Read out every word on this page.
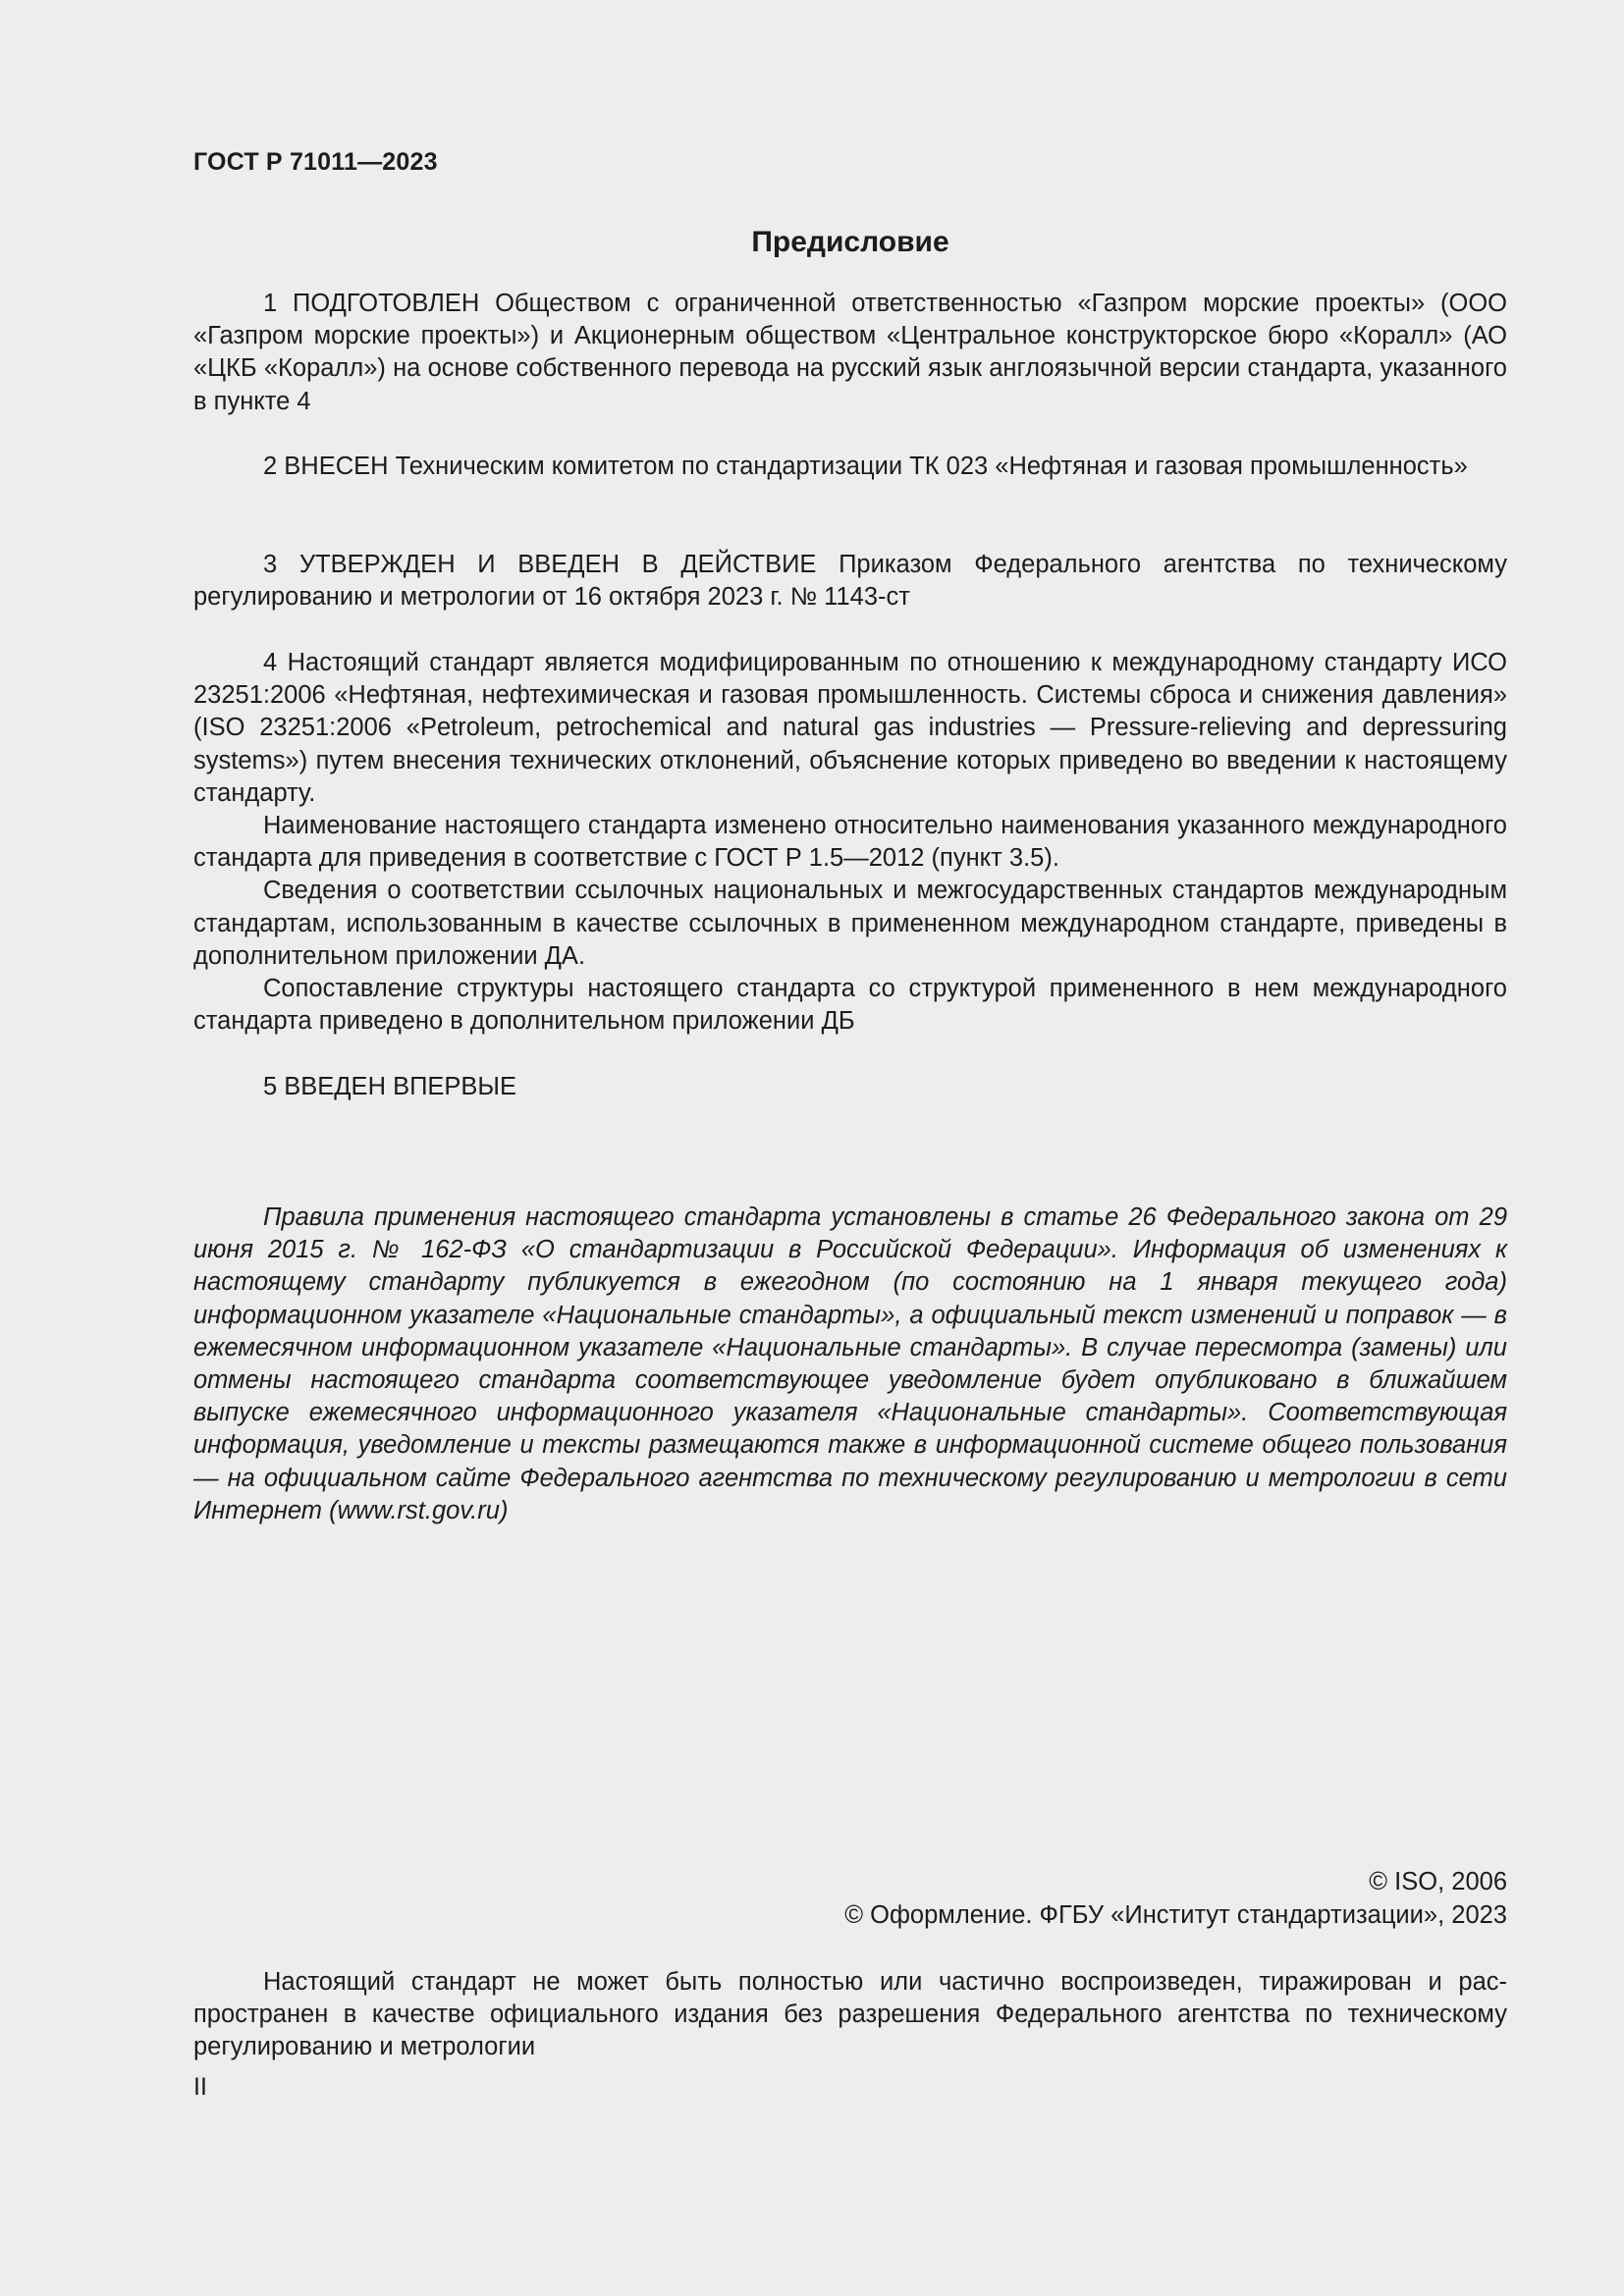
ГОСТ Р 71011—2023
Предисловие

1 ПОДГОТОВЛЕН Обществом с ограниченной ответственностью «Газпром морские проекты» (ООО «Газпром морские проекты») и Акционерным обществом «Центральное конструкторское бюро «Коралл» (АО «ЦКБ «Коралл») на основе собственного перевода на русский язык англоязычной версии стандарта, указанного в пункте 4

2 ВНЕСЕН Техническим комитетом по стандартизации ТК 023 «Нефтяная и газовая промышленность»

3 УТВЕРЖДЕН И ВВЕДЕН В ДЕЙСТВИЕ Приказом Федерального агентства по техническому регулированию и метрологии от 16 октября 2023 г. № 1143-ст

4 Настоящий стандарт является модифицированным по отношению к международному стандарту ИСО 23251:2006 «Нефтяная, нефтехимическая и газовая промышленность. Системы сброса и снижения давления» (ISO 23251:2006 «Petroleum, petrochemical and natural gas industries — Pressure-relieving and depressuring systems») путем внесения технических отклонений, объяснение которых приведено во введении к настоящему стандарту.

Наименование настоящего стандарта изменено относительно наименования указанного международного стандарта для приведения в соответствие с ГОСТ Р 1.5—2012 (пункт 3.5).

Сведения о соответствии ссылочных национальных и межгосударственных стандартов международным стандартам, использованным в качестве ссылочных в примененном международном стандарте, приведены в дополнительном приложении ДА.

Сопоставление структуры настоящего стандарта со структурой примененного в нем международного стандарта приведено в дополнительном приложении ДБ

5 ВВЕДЕН ВПЕРВЫЕ

Правила применения настоящего стандарта установлены в статье 26 Федерального закона от 29 июня 2015 г. № 162-ФЗ «О стандартизации в Российской Федерации». Информация об изменениях к настоящему стандарту публикуется в ежегодном (по состоянию на 1 января текущего года) информационном указателе «Национальные стандарты», а официальный текст изменений и поправок — в ежемесячном информационном указателе «Национальные стандарты». В случае пересмотра (замены) или отмены настоящего стандарта соответствующее уведомление будет опубликовано в ближайшем выпуске ежемесячного информационного указателя «Национальные стандарты». Соответствующая информация, уведомление и тексты размещаются также в информационной системе общего пользования — на официальном сайте Федерального агентства по техническому регулированию и метрологии в сети Интернет (www.rst.gov.ru)

© ISO, 2006
© Оформление. ФГБУ «Институт стандартизации», 2023

Настоящий стандарт не может быть полностью или частично воспроизведен, тиражирован и распространен в качестве официального издания без разрешения Федерального агентства по техническому регулированию и метрологии

II
